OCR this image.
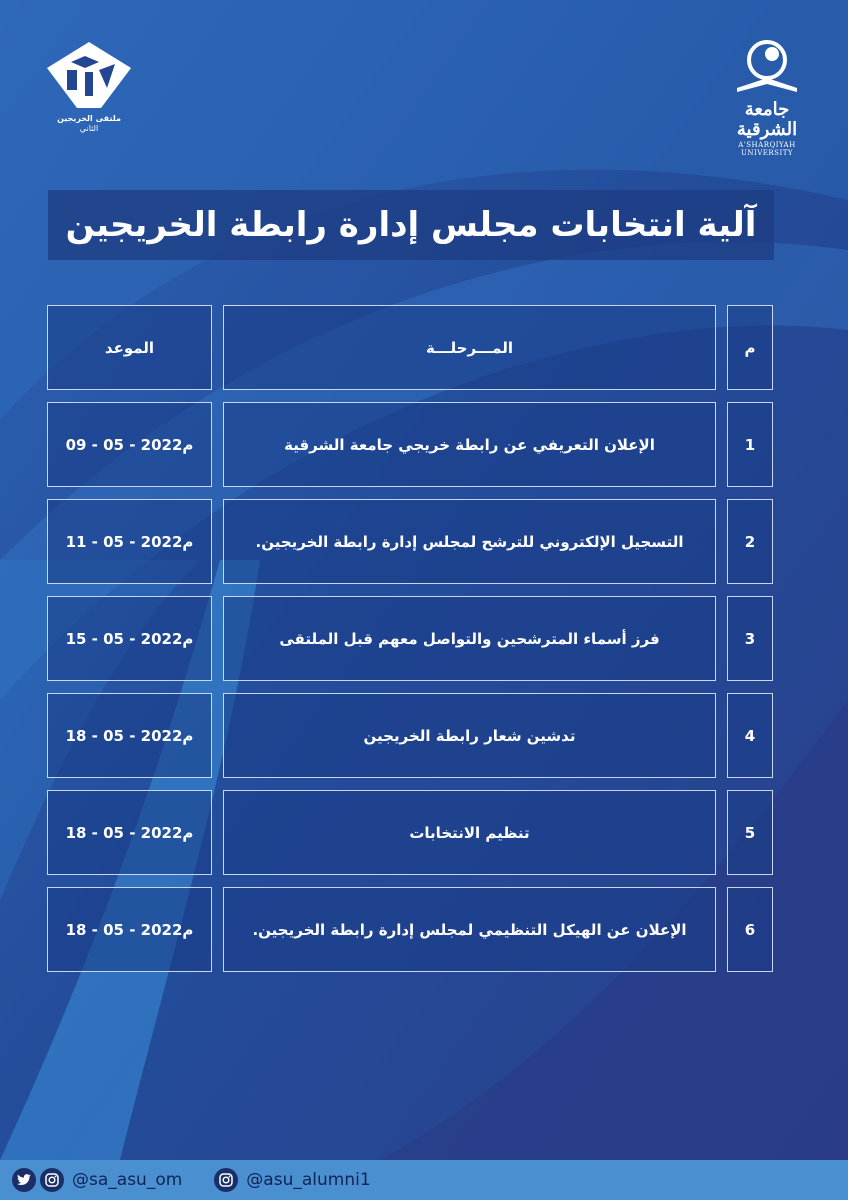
جامعة الشرقية
A'SHARQIYAH UNIVERSITY
ملتقى الخريجين
الثاني
آلية انتخابات مجلس إدارة رابطة الخريجين
م
المـــرحلـــة
الموعد
1
الإعلان التعريفي عن رابطة خريجي جامعة الشرقية
09 - 05 - 2022م
2
التسجيل الإلكتروني للترشح لمجلس إدارة رابطة الخريجين.
11 - 05 - 2022م
3
فرز أسماء المترشحين والتواصل معهم قبل الملتقى
15 - 05 - 2022م
4
تدشين شعار رابطة الخريجين
18 - 05 - 2022م
5
تنظيم الانتخابات
18 - 05 - 2022م
6
الإعلان عن الهيكل التنظيمي لمجلس إدارة رابطة الخريجين.
18 - 05 - 2022م
@sa_asu_om	@asu_alumni1
